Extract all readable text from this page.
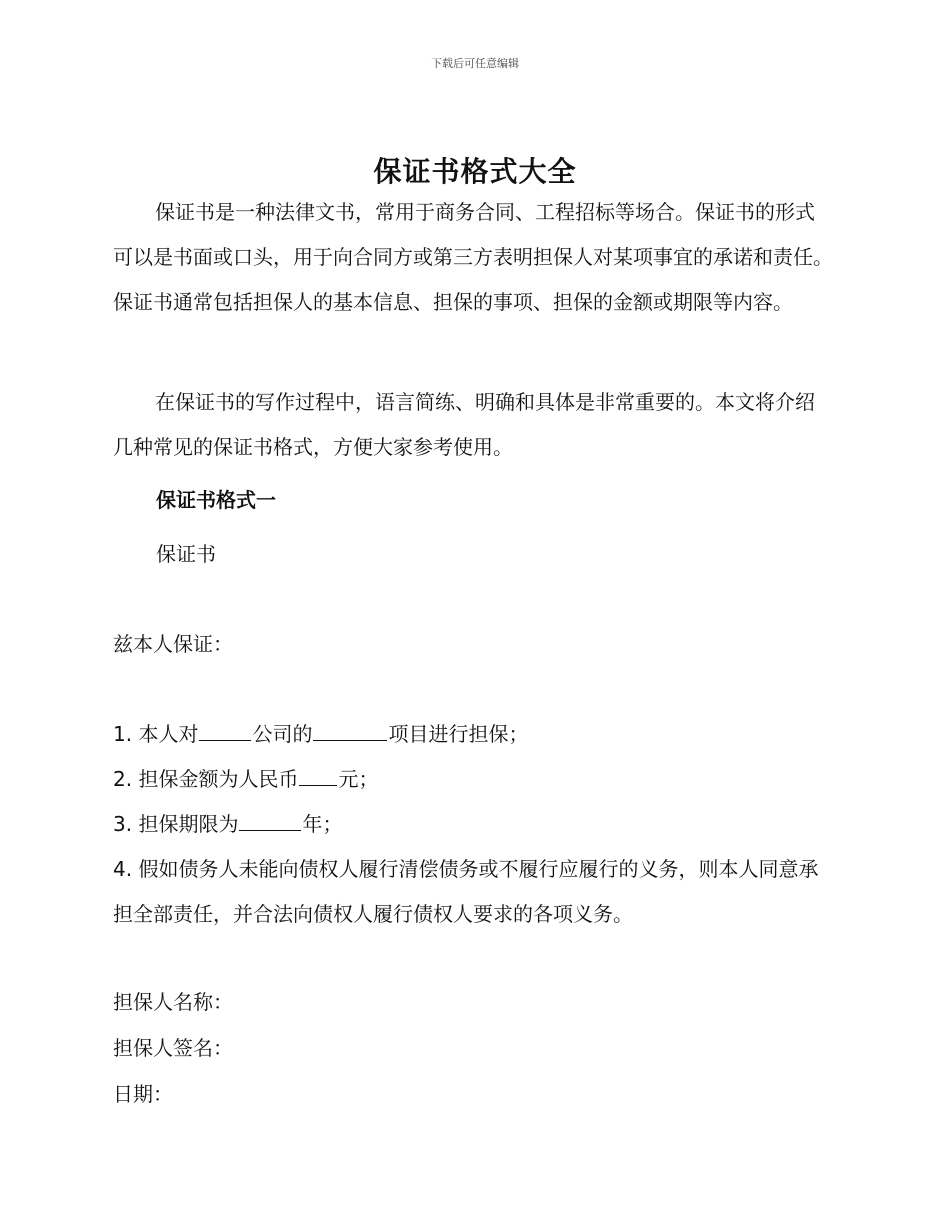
下载后可任意编辑
保证书格式大全
保证书是一种法律文书，常用于商务合同、工程招标等场合。保证书的形式可以是书面或口头，用于向合同方或第三方表明担保人对某项事宜的承诺和责任。保证书通常包括担保人的基本信息、担保的事项、担保的金额或期限等内容。
在保证书的写作过程中，语言简练、明确和具体是非常重要的。本文将介绍几种常见的保证书格式，方便大家参考使用。
保证书格式一
保证书
兹本人保证：
1. 本人对	公司的	项目进行担保；
2. 担保金额为人民币 元；
3. 担保期限为	年；
4. 假如债务人未能向债权人履行清偿债务或不履行应履行的义务，则本人同意承担全部责任，并合法向债权人履行债权人要求的各项义务。
担保人名称：
担保人签名：
日期：
